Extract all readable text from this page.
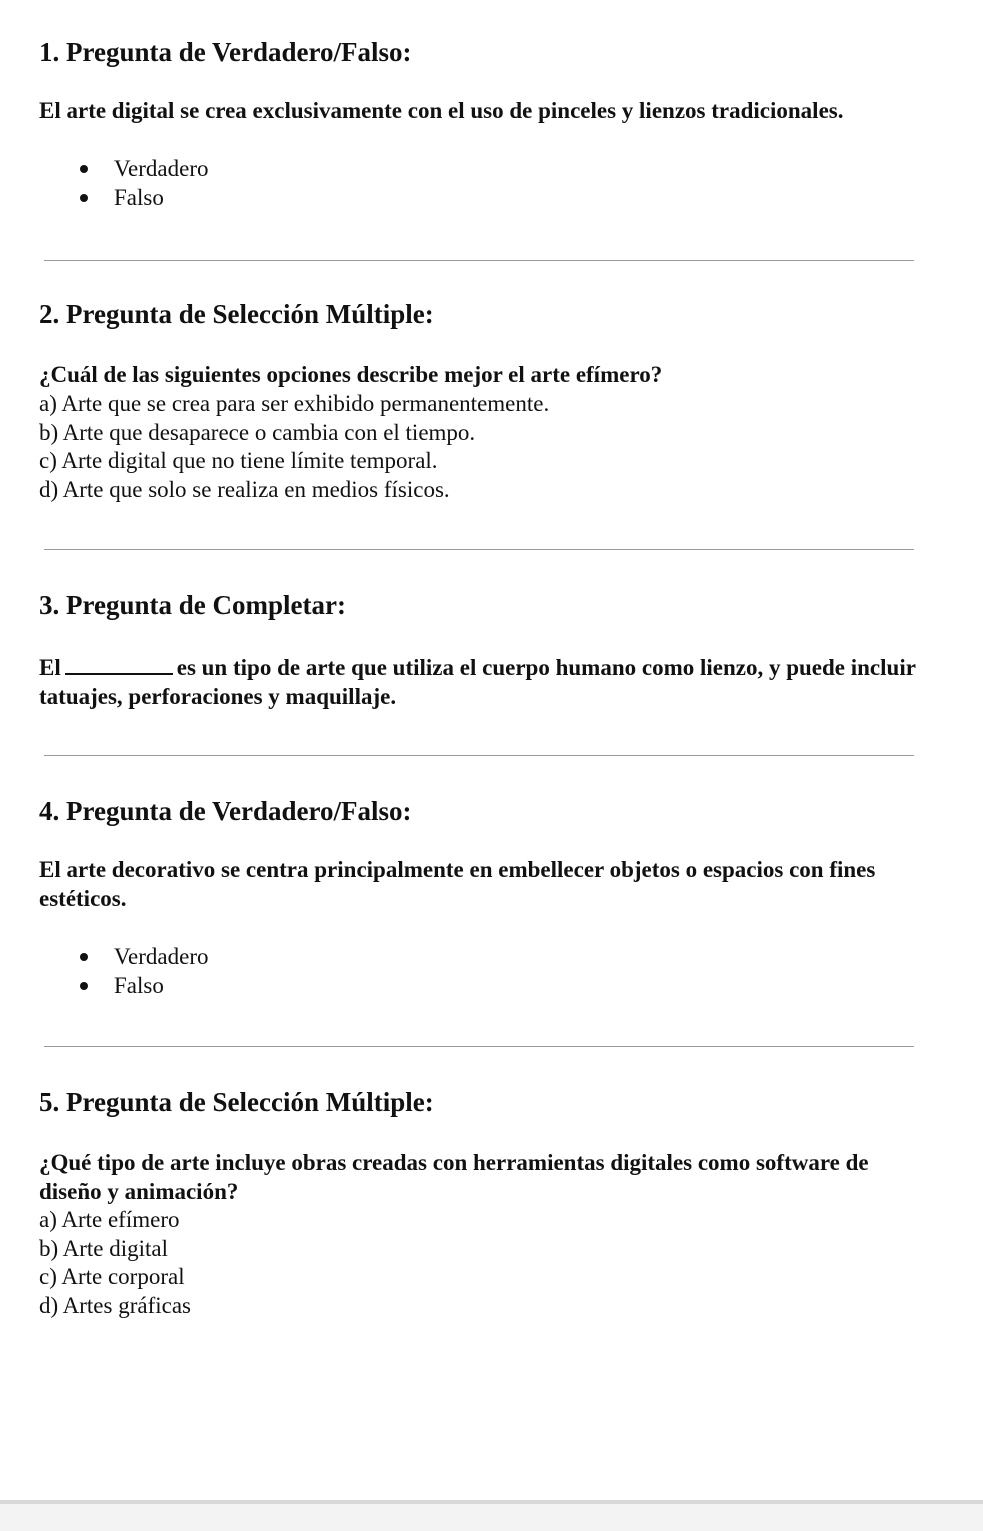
1. Pregunta de Verdadero/Falso:

El arte digital se crea exclusivamente con el uso de pinceles y lienzos tradicionales.

Verdadero
Falso
2. Pregunta de Selección Múltiple:

¿Cuál de las siguientes opciones describe mejor el arte efímero?

a) Arte que se crea para ser exhibido permanentemente.

b) Arte que desaparece o cambia con el tiempo.

c) Arte digital que no tiene límite temporal.

d) Arte que solo se realiza en medios físicos.

3. Pregunta de Completar:

El	es un tipo de arte que utiliza el cuerpo humano como lienzo, y puede incluir tatuajes, perforaciones y maquillaje.

4. Pregunta de Verdadero/Falso:

El arte decorativo se centra principalmente en embellecer objetos o espacios con fines estéticos.

Verdadero
Falso
5. Pregunta de Selección Múltiple:

¿Qué tipo de arte incluye obras creadas con herramientas digitales como software de diseño y animación?

a) Arte efímero

b) Arte digital

c) Arte corporal

d) Artes gráficas
